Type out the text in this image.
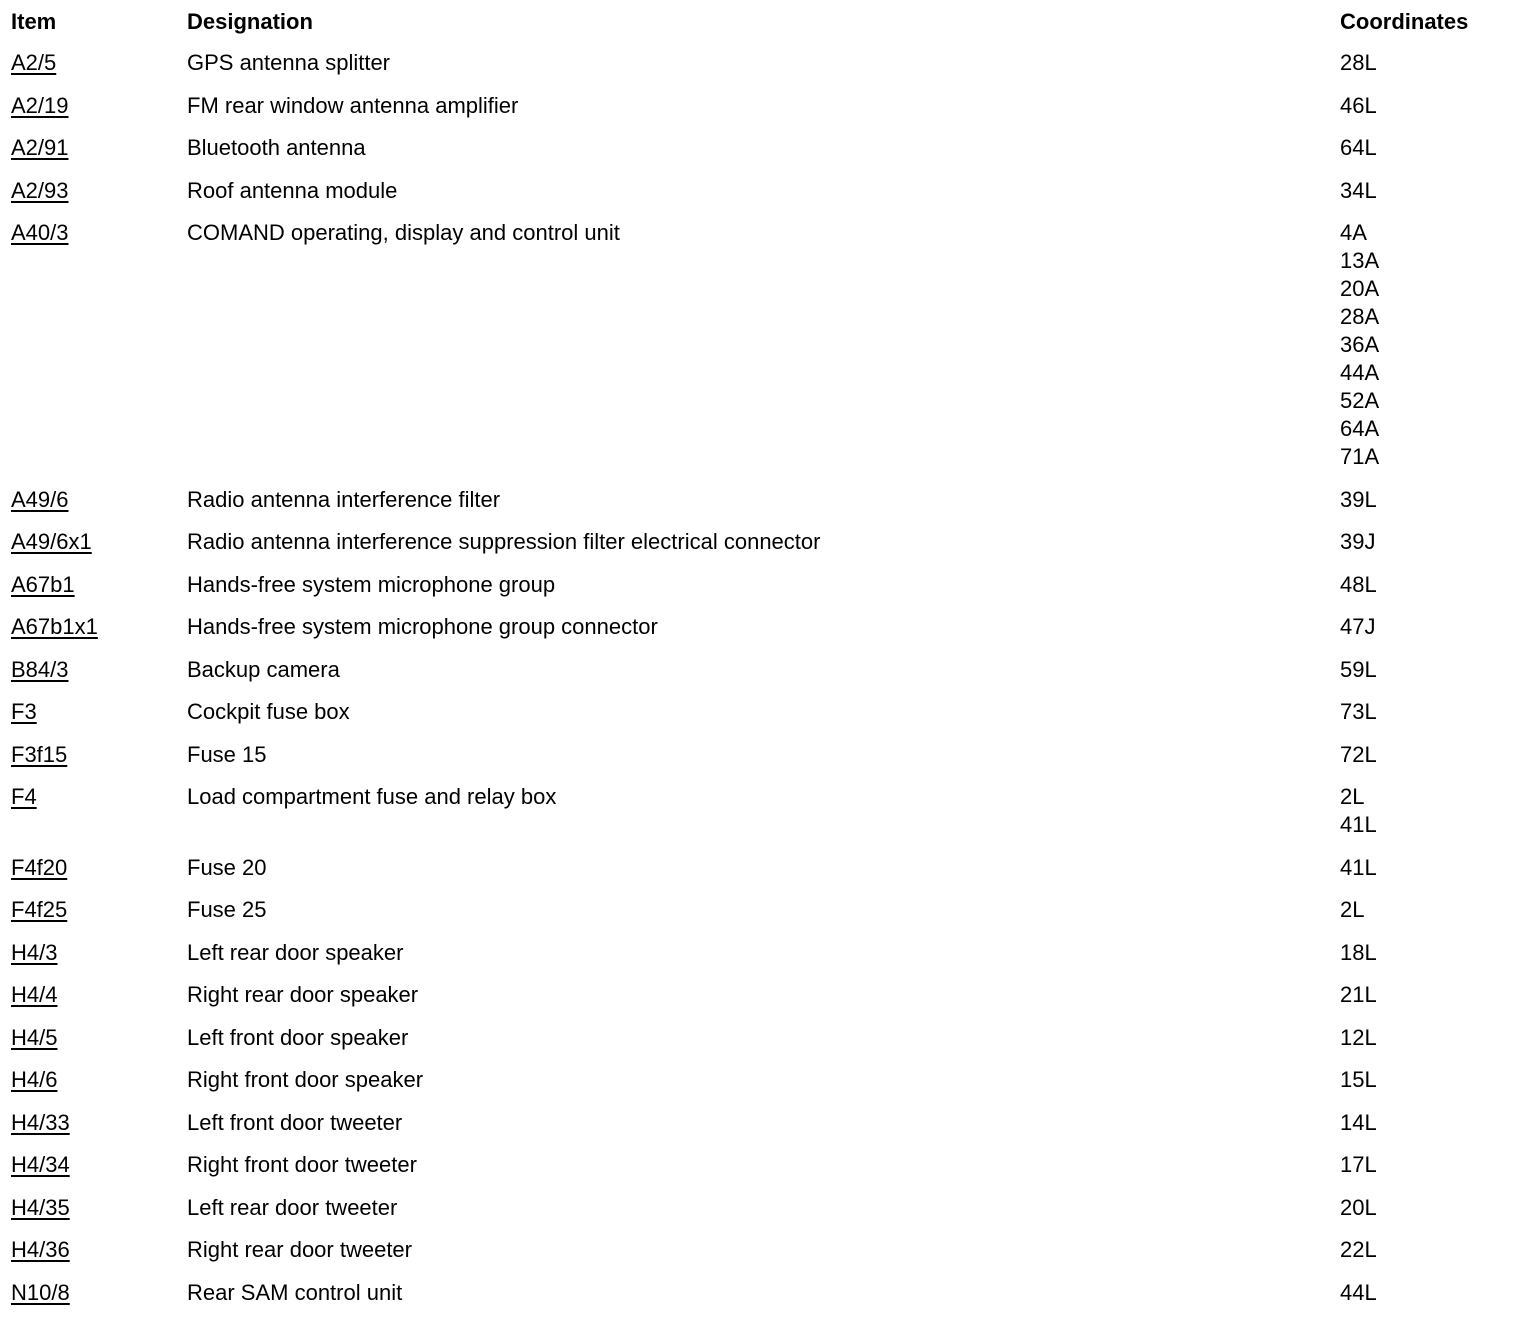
Item	Designation	Coordinates
A2/5	GPS antenna splitter	28L
A2/19	FM rear window antenna amplifier	46L
A2/91	Bluetooth antenna	64L
A2/93	Roof antenna module	34L
A40/3	COMAND operating, display and control unit	4A
13A
20A
28A
36A
44A
52A
64A
71A
A49/6	Radio antenna interference filter	39L
A49/6x1	Radio antenna interference suppression filter electrical connector	39J
A67b1	Hands-free system microphone group	48L
A67b1x1	Hands-free system microphone group connector	47J
B84/3	Backup camera	59L
F3	Cockpit fuse box	73L
F3f15	Fuse 15	72L
F4	Load compartment fuse and relay box	2L
41L
F4f20	Fuse 20	41L
F4f25	Fuse 25	2L
H4/3	Left rear door speaker	18L
H4/4	Right rear door speaker	21L
H4/5	Left front door speaker	12L
H4/6	Right front door speaker	15L
H4/33	Left front door tweeter	14L
H4/34	Right front door tweeter	17L
H4/35	Left rear door tweeter	20L
H4/36	Right rear door tweeter	22L
N10/8	Rear SAM control unit	44L
